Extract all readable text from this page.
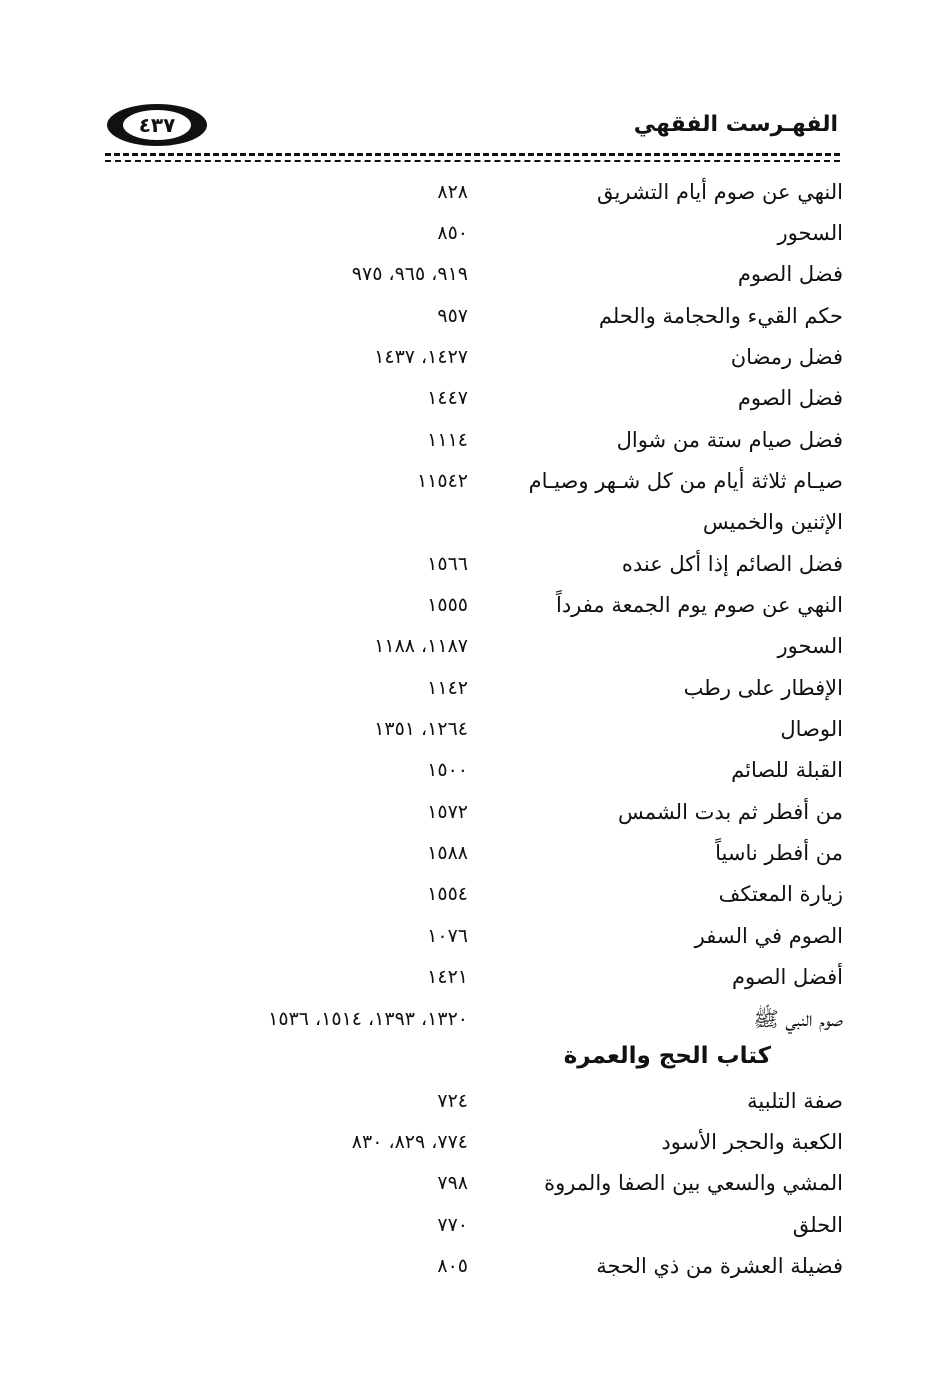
الفهـرست الفقهي
٤٣٧
النهي عن صوم أيام التشريق
٨٢٨
السحور
٨٥٠
فضل الصوم
٩١٩، ٩٦٥، ٩٧٥
حكم القيء والحجامة والحلم
٩٥٧
فضل رمضان
١٤٢٧، ١٤٣٧
فضل الصوم
١٤٤٧
فضل صيام ستة من شوال
١١١٤
صيـام ثلاثة أيام من كل شـهر وصيـام
١١٥٤٢
الإثنين والخميس
فضل الصائم إذا أكل عنده
١٥٦٦
النهي عن صوم يوم الجمعة مفرداً
١٥٥٥
السحور
١١٨٧، ١١٨٨
الإفطار على رطب
١١٤٢
الوصال
١٢٦٤، ١٣٥١
القبلة للصائم
١٥٠٠
من أفطر ثم بدت الشمس
١٥٧٢
من أفطر ناسياً
١٥٨٨
زيارة المعتكف
١٥٥٤
الصوم في السفر
١٠٧٦
أفضل الصوم
١٤٢١
صوم النبي ﷺ
١٣٢٠، ١٣٩٣، ١٥١٤، ١٥٣٦
كتاب الحج والعمرة
صفة التلبية
٧٢٤
الكعبة والحجر الأسود
٧٧٤، ٨٢٩، ٨٣٠
المشي والسعي بين الصفا والمروة
٧٩٨
الحلق
٧٧٠
فضيلة العشرة من ذي الحجة
٨٠٥
